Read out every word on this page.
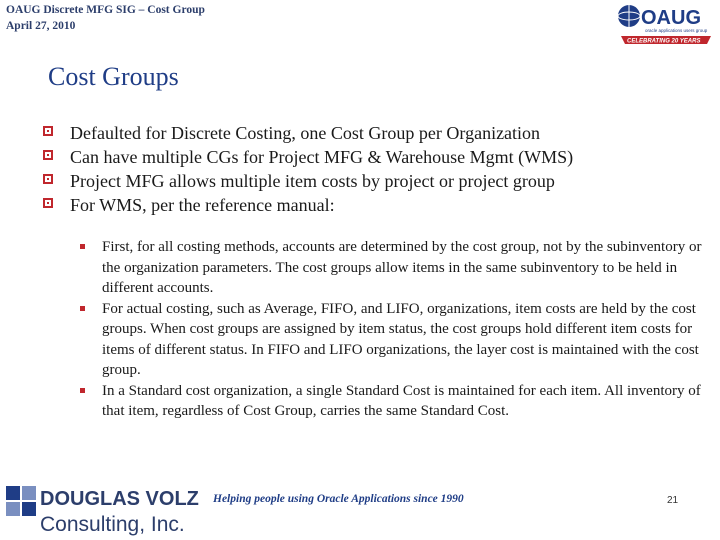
OAUG Discrete MFG SIG – Cost Group
April 27, 2010	OAUG
oracle applications users group
CELEBRATING 20 YEARS
Cost Groups
Defaulted for Discrete Costing, one Cost Group per Organization
Can have multiple CGs for Project MFG & Warehouse Mgmt (WMS)
Project MFG allows multiple item costs by project or project group
For WMS, per the reference manual:
First, for all costing methods, accounts are determined by the cost group, not by the subinventory or the organization parameters. The cost groups allow items in the same subinventory to be held in different accounts.
For actual costing, such as Average, FIFO, and LIFO, organizations, item costs are held by the cost groups. When cost groups are assigned by item status, the cost groups hold different item costs for items of different status. In FIFO and LIFO organizations, the layer cost is maintained with the cost group.
In a Standard cost organization, a single Standard Cost is maintained for each item. All inventory of that item, regardless of Cost Group, carries the same Standard Cost.
DOUGLAS VOLZ
Consulting, Inc.
Helping people using Oracle Applications since 1990	21
